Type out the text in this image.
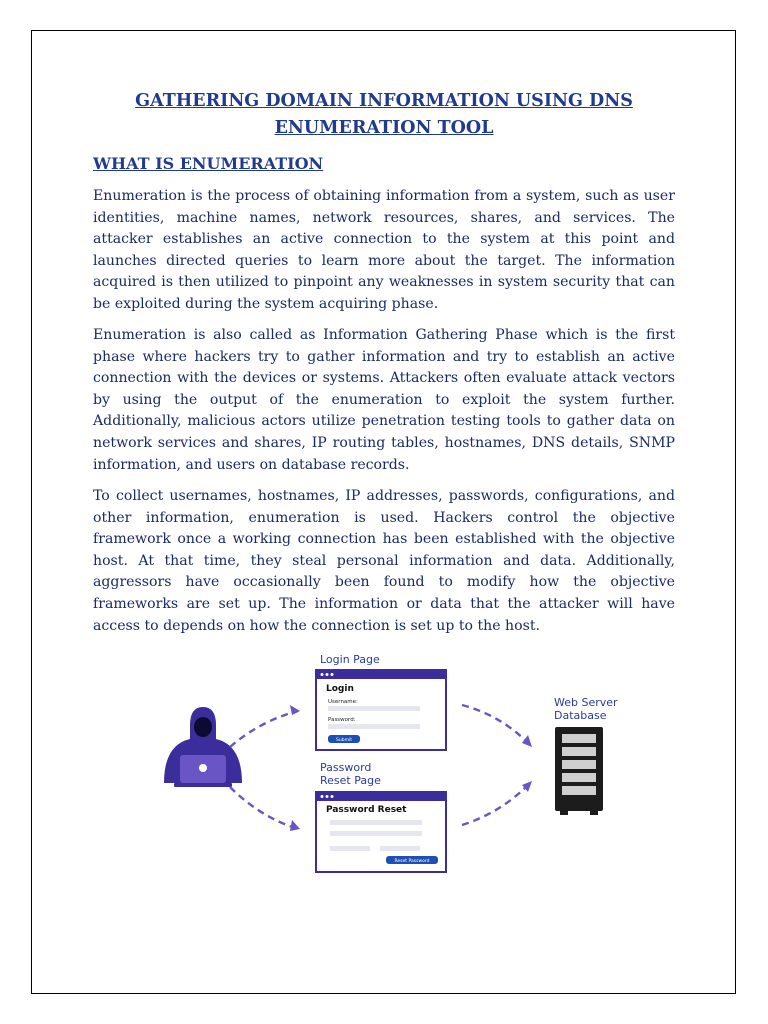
GATHERING DOMAIN INFORMATION USING DNS ENUMERATION TOOL
WHAT IS ENUMERATION

Enumeration is the process of obtaining information from a system, such as user identities, machine names, network resources, shares, and services. The attacker establishes an active connection to the system at this point and launches directed queries to learn more about the target. The information acquired is then utilized to pinpoint any weaknesses in system security that can be exploited during the system acquiring phase.

Enumeration is also called as Information Gathering Phase which is the first phase where hackers try to gather information and try to establish an active connection with the devices or systems. Attackers often evaluate attack vectors by using the output of the enumeration to exploit the system further. Additionally, malicious actors utilize penetration testing tools to gather data on network services and shares, IP routing tables, hostnames, DNS details, SNMP information, and users on database records.

To collect usernames, hostnames, IP addresses, passwords, configurations, and other information, enumeration is used. Hackers control the objective framework once a working connection has been established with the objective host. At that time, they steal personal information and data. Additionally, aggressors have occasionally been found to modify how the objective frameworks are set up. The information or data that the attacker will have access to depends on how the connection is set up to the host.

Login Page
Login
Username:
Password:
Submit
Password
Reset Page
Password Reset
Reset Password
Web Server
Database
